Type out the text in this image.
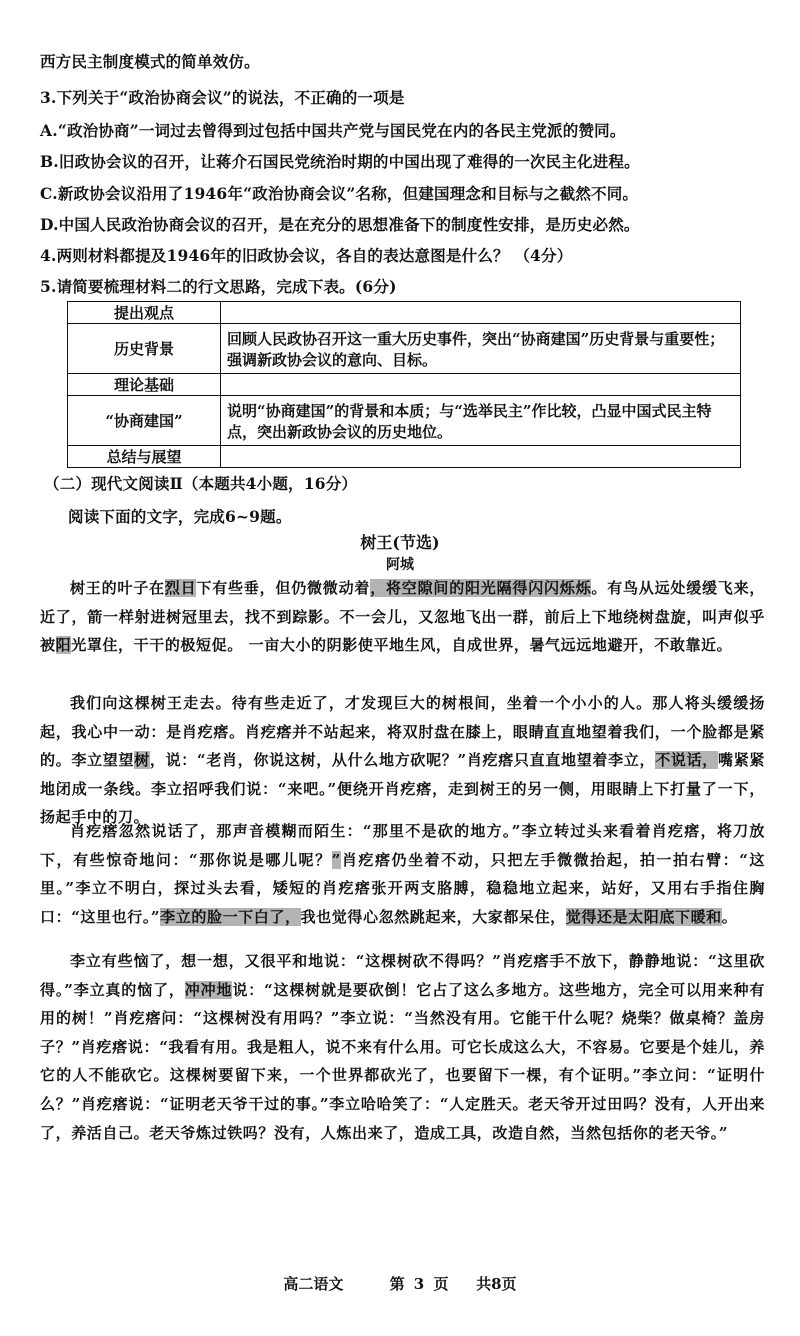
西方民主制度模式的简单效仿。
3.下列关于“政治协商会议”的说法，不正确的一项是
A.“政治协商”一词过去曾得到过包括中国共产党与国民党在内的各民主党派的赞同。
B.旧政协会议的召开，让蒋介石国民党统治时期的中国出现了难得的一次民主化进程。
C.新政协会议沿用了1946年“政治协商会议”名称，但建国理念和目标与之截然不同。
D.中国人民政治协商会议的召开，是在充分的思想准备下的制度性安排，是历史必然。
4.两则材料都提及1946年的旧政协会议，各自的表达意图是什么？ （4分）
5.请简要梳理材料二的行文思路，完成下表。(6分)
提出观点	
历史背景	回顾人民政协召开这一重大历史事件，突出“协商建国”历史背景与重要性；强调新政协会议的意向、目标。
理论基础	
“协商建国”	说明“协商建国”的背景和本质；与“选举民主”作比较，凸显中国式民主特点，突出新政协会议的历史地位。
总结与展望	
（二）现代文阅读Ⅱ（本题共4小题，16分）
阅读下面的文字，完成6~9题。
树王(节选)
阿城
树王的叶子在烈日下有些垂，但仍微微动着，将空隙间的阳光隔得闪闪烁烁。有鸟从远处缓缓飞来，近了，箭一样射进树冠里去，找不到踪影。不一会儿，又忽地飞出一群，前后上下地绕树盘旋，叫声似乎被阳光罩住，干干的极短促。 一亩大小的阴影使平地生风，自成世界，暑气远远地避开，不敢靠近。
我们向这棵树王走去。待有些走近了，才发现巨大的树根间，坐着一个小小的人。那人将头缓缓扬起，我心中一动：是肖疙瘩。肖疙瘩并不站起来，将双肘盘在膝上，眼睛直直地望着我们，一个脸都是紧的。李立望望树，说：“老肖，你说这树，从什么地方砍呢？”肖疙瘩只直直地望着李立，不说话，嘴紧紧地闭成一条线。李立招呼我们说：“来吧。”便绕开肖疙瘩，走到树王的另一侧，用眼睛上下打量了一下，扬起手中的刀。
肖疙瘩忽然说话了，那声音模糊而陌生：“那里不是砍的地方。”李立转过头来看着肖疙瘩，将刀放下，有些惊奇地问：“那你说是哪儿呢？”肖疙瘩仍坐着不动，只把左手微微抬起，拍一拍右臂：“这里。”李立不明白，探过头去看，矮短的肖疙瘩张开两支胳膊，稳稳地立起来，站好，又用右手指住胸口：“这里也行。”李立的脸一下白了，我也觉得心忽然跳起来，大家都呆住，觉得还是太阳底下暖和。
李立有些恼了，想一想，又很平和地说：“这棵树砍不得吗？”肖疙瘩手不放下，静静地说：“这里砍得。”李立真的恼了，冲冲地说：“这棵树就是要砍倒！它占了这么多地方。这些地方，完全可以用来种有用的树！”肖疙瘩问：“这棵树没有用吗？”李立说：“当然没有用。它能干什么呢？烧柴？做桌椅？盖房子？”肖疙瘩说：“我看有用。我是粗人，说不来有什么用。可它长成这么大，不容易。它要是个娃儿，养它的人不能砍它。这棵树要留下来，一个世界都砍光了，也要留下一棵，有个证明。”李立问：“证明什么？”肖疙瘩说：“证明老天爷干过的事。”李立哈哈笑了：“人定胜天。老天爷开过田吗？没有，人开出来了，养活自己。老天爷炼过铁吗？没有，人炼出来了，造成工具，改造自然，当然包括你的老天爷。”
高二语文	第 3 页 共8页
